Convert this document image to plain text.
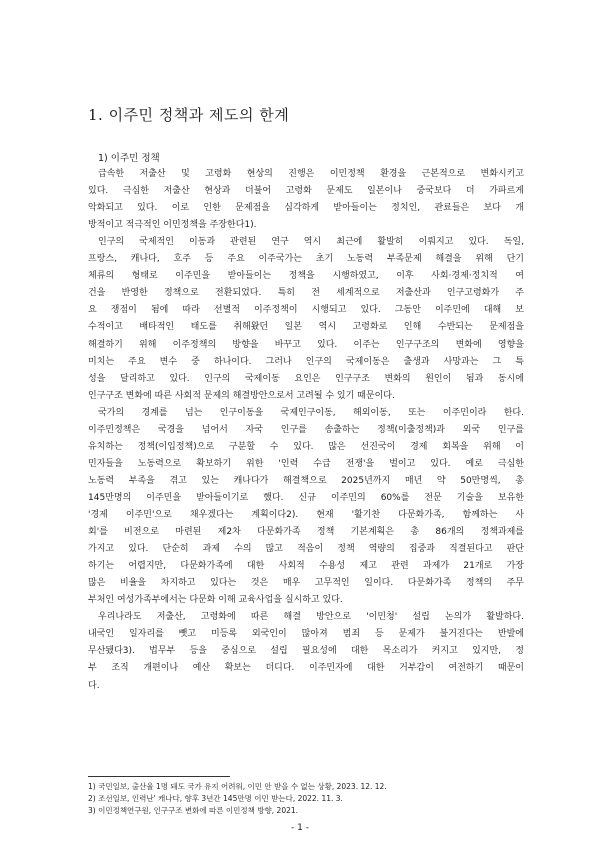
1. 이주민 정책과 제도의 한계
1) 이주민 정책
급속한 저출산 및 고령화 현상의 진행은 이민정책 환경을 근본적으로 변화시키고
있다. 극심한 저출산 현상과 더불어 고령화 문제도 일본이나 중국보다 더 가파르게
악화되고 있다. 이로 인한 문제점을 심각하게 받아들이는 정치인, 관료들은 보다 개
방적이고 적극적인 이민정책을 주장한다1).
인구의 국제적인 이동과 관련된 연구 역시 최근에 활발히 이뤄지고 있다. 독일,
프랑스, 캐나다, 호주 등 주요 이주국가는 초기 노동력 부족문제 해결을 위해 단기
체류의 형태로 이주민을 받아들이는 정책을 시행하였고, 이후 사회·경제·정치적 여
건을 반영한 정책으로 전환되었다. 특히 전 세계적으로 저출산과 인구고령화가 주
요 쟁점이 됨에 따라 선별적 이주정책이 시행되고 있다. 그동안 이주민에 대해 보
수적이고 배타적인 태도를 취해왔던 일본 역시 고령화로 인해 수반되는 문제점을
해결하기 위해 이주정책의 방향을 바꾸고 있다. 이주는 인구구조의 변화에 영향을
미치는 주요 변수 중 하나이다. 그러나 인구의 국제이동은 출생과 사망과는 그 특
성을 달리하고 있다. 인구의 국제이동 요인은 인구구조 변화의 원인이 됨과 동시에
인구구조 변화에 따른 사회적 문제의 해결방안으로서 고려될 수 있기 때문이다.
국가의 경계를 넘는 인구이동을 국제인구이동, 해외이동, 또는 이주민이라 한다.
이주민정책은 국경을 넘어서 자국 인구를 송출하는 정책(이출정책)과 외국 인구를
유치하는 정책(이입정책)으로 구분할 수 있다. 많은 선진국이 경제 회복을 위해 이
민자들을 노동력으로 확보하기 위한 '인력 수급 전쟁'을 벌이고 있다. 예로 극심한
노동력 부족을 겪고 있는 캐나다가 해결책으로 2025년까지 매년 약 50만명씩, 총
145만명의 이주민을 받아들이기로 했다. 신규 이주민의 60%를 전문 기술을 보유한
'경제 이주민'으로 채우겠다는 계획이다2). 현재 '활기찬 다문화가족, 함께하는 사
회'를 비전으로 마련된 제2차 다문화가족 정책 기본계획은 총 86개의 정책과제를
가지고 있다. 단순히 과제 수의 많고 적음이 정책 역량의 집중과 직결된다고 판단
하기는 어렵지만, 다문화가족에 대한 사회적 수용성 제고 관련 과제가 21개로 가장
많은 비율을 차지하고 있다는 것은 매우 고무적인 일이다. 다문화가족 정책의 주무
부처인 여성가족부에서는 다문화 이해 교육사업을 실시하고 있다.
우리나라도 저출산, 고령화에 따른 해결 방안으로 '이민청' 설립 논의가 활발하다.
내국인 일자리를 뺏고 미등록 외국인이 많아져 범죄 등 문제가 불거진다는 반발에
무산됐다3). 법무부 등을 중심으로 설립 필요성에 대한 목소리가 커지고 있지만, 정
부 조직 개편이나 예산 확보는 더디다. 이주민자에 대한 거부감이 여전하기 때문이
다.
1) 국민일보, 출산율 1명 돼도 국가 유지 어려워, 이민 안 받을 수 없는 상황, 2023. 12. 12.
2) 조선일보, 인력난' 캐나다, 향후 3년간 145만명 이민 받는다, 2022. 11. 3.
3) 이민정책연구원, 인구구조 변화에 따른 이민정책 방향, 2021.
- 1 -
